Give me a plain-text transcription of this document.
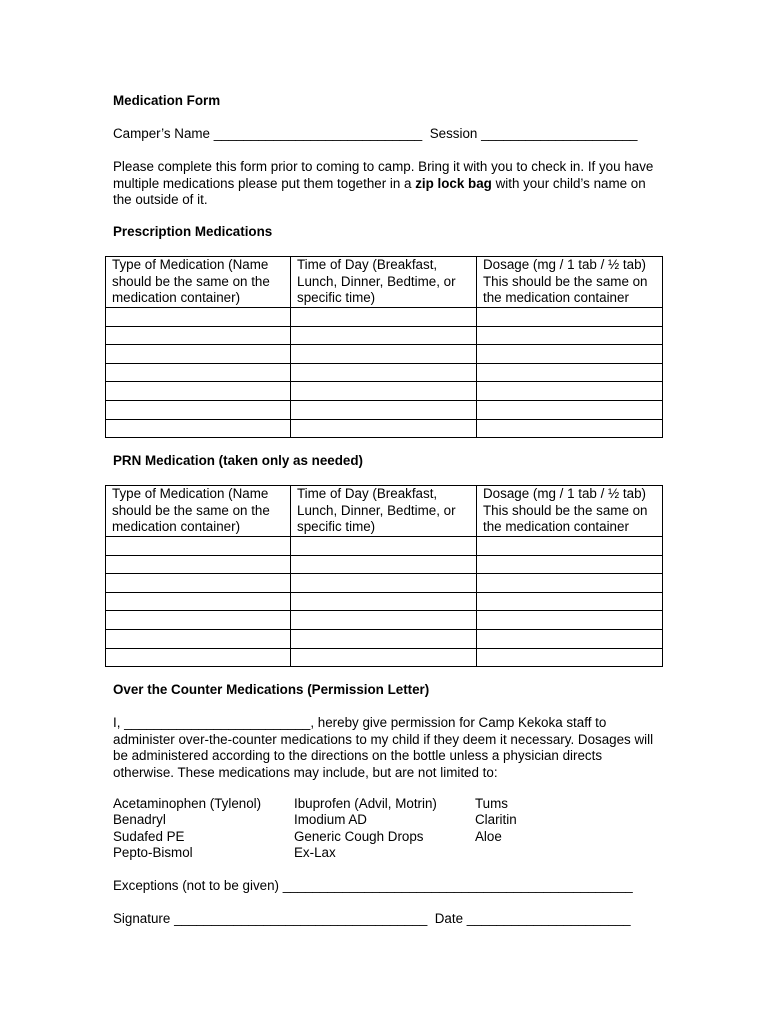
Medication Form
Camper’s Name ____________________________ Session _____________________
Please complete this form prior to coming to camp. Bring it with you to check in. If you have multiple medications please put them together in a zip lock bag with your child’s name on the outside of it.
Prescription Medications
Type of Medication (Name should be the same on the medication container)	Time of Day (Breakfast, Lunch, Dinner, Bedtime, or specific time)	Dosage (mg / 1 tab / ½ tab) This should be the same on the medication container

PRN Medication (taken only as needed)
Type of Medication (Name should be the same on the medication container)	Time of Day (Breakfast, Lunch, Dinner, Bedtime, or specific time)	Dosage (mg / 1 tab / ½ tab) This should be the same on the medication container

Over the Counter Medications (Permission Letter)
I, _________________________, hereby give permission for Camp Kekoka staff to administer over-the-counter medications to my child if they deem it necessary. Dosages will be administered according to the directions on the bottle unless a physician directs otherwise. These medications may include, but are not limited to:
Acetaminophen (Tylenol)
Benadryl
Sudafed PE
Pepto-Bismol
Ibuprofen (Advil, Motrin)
Imodium AD
Generic Cough Drops
Ex-Lax
Tums
Claritin
Aloe
Exceptions (not to be given) _______________________________________________
Signature __________________________________ Date ______________________
